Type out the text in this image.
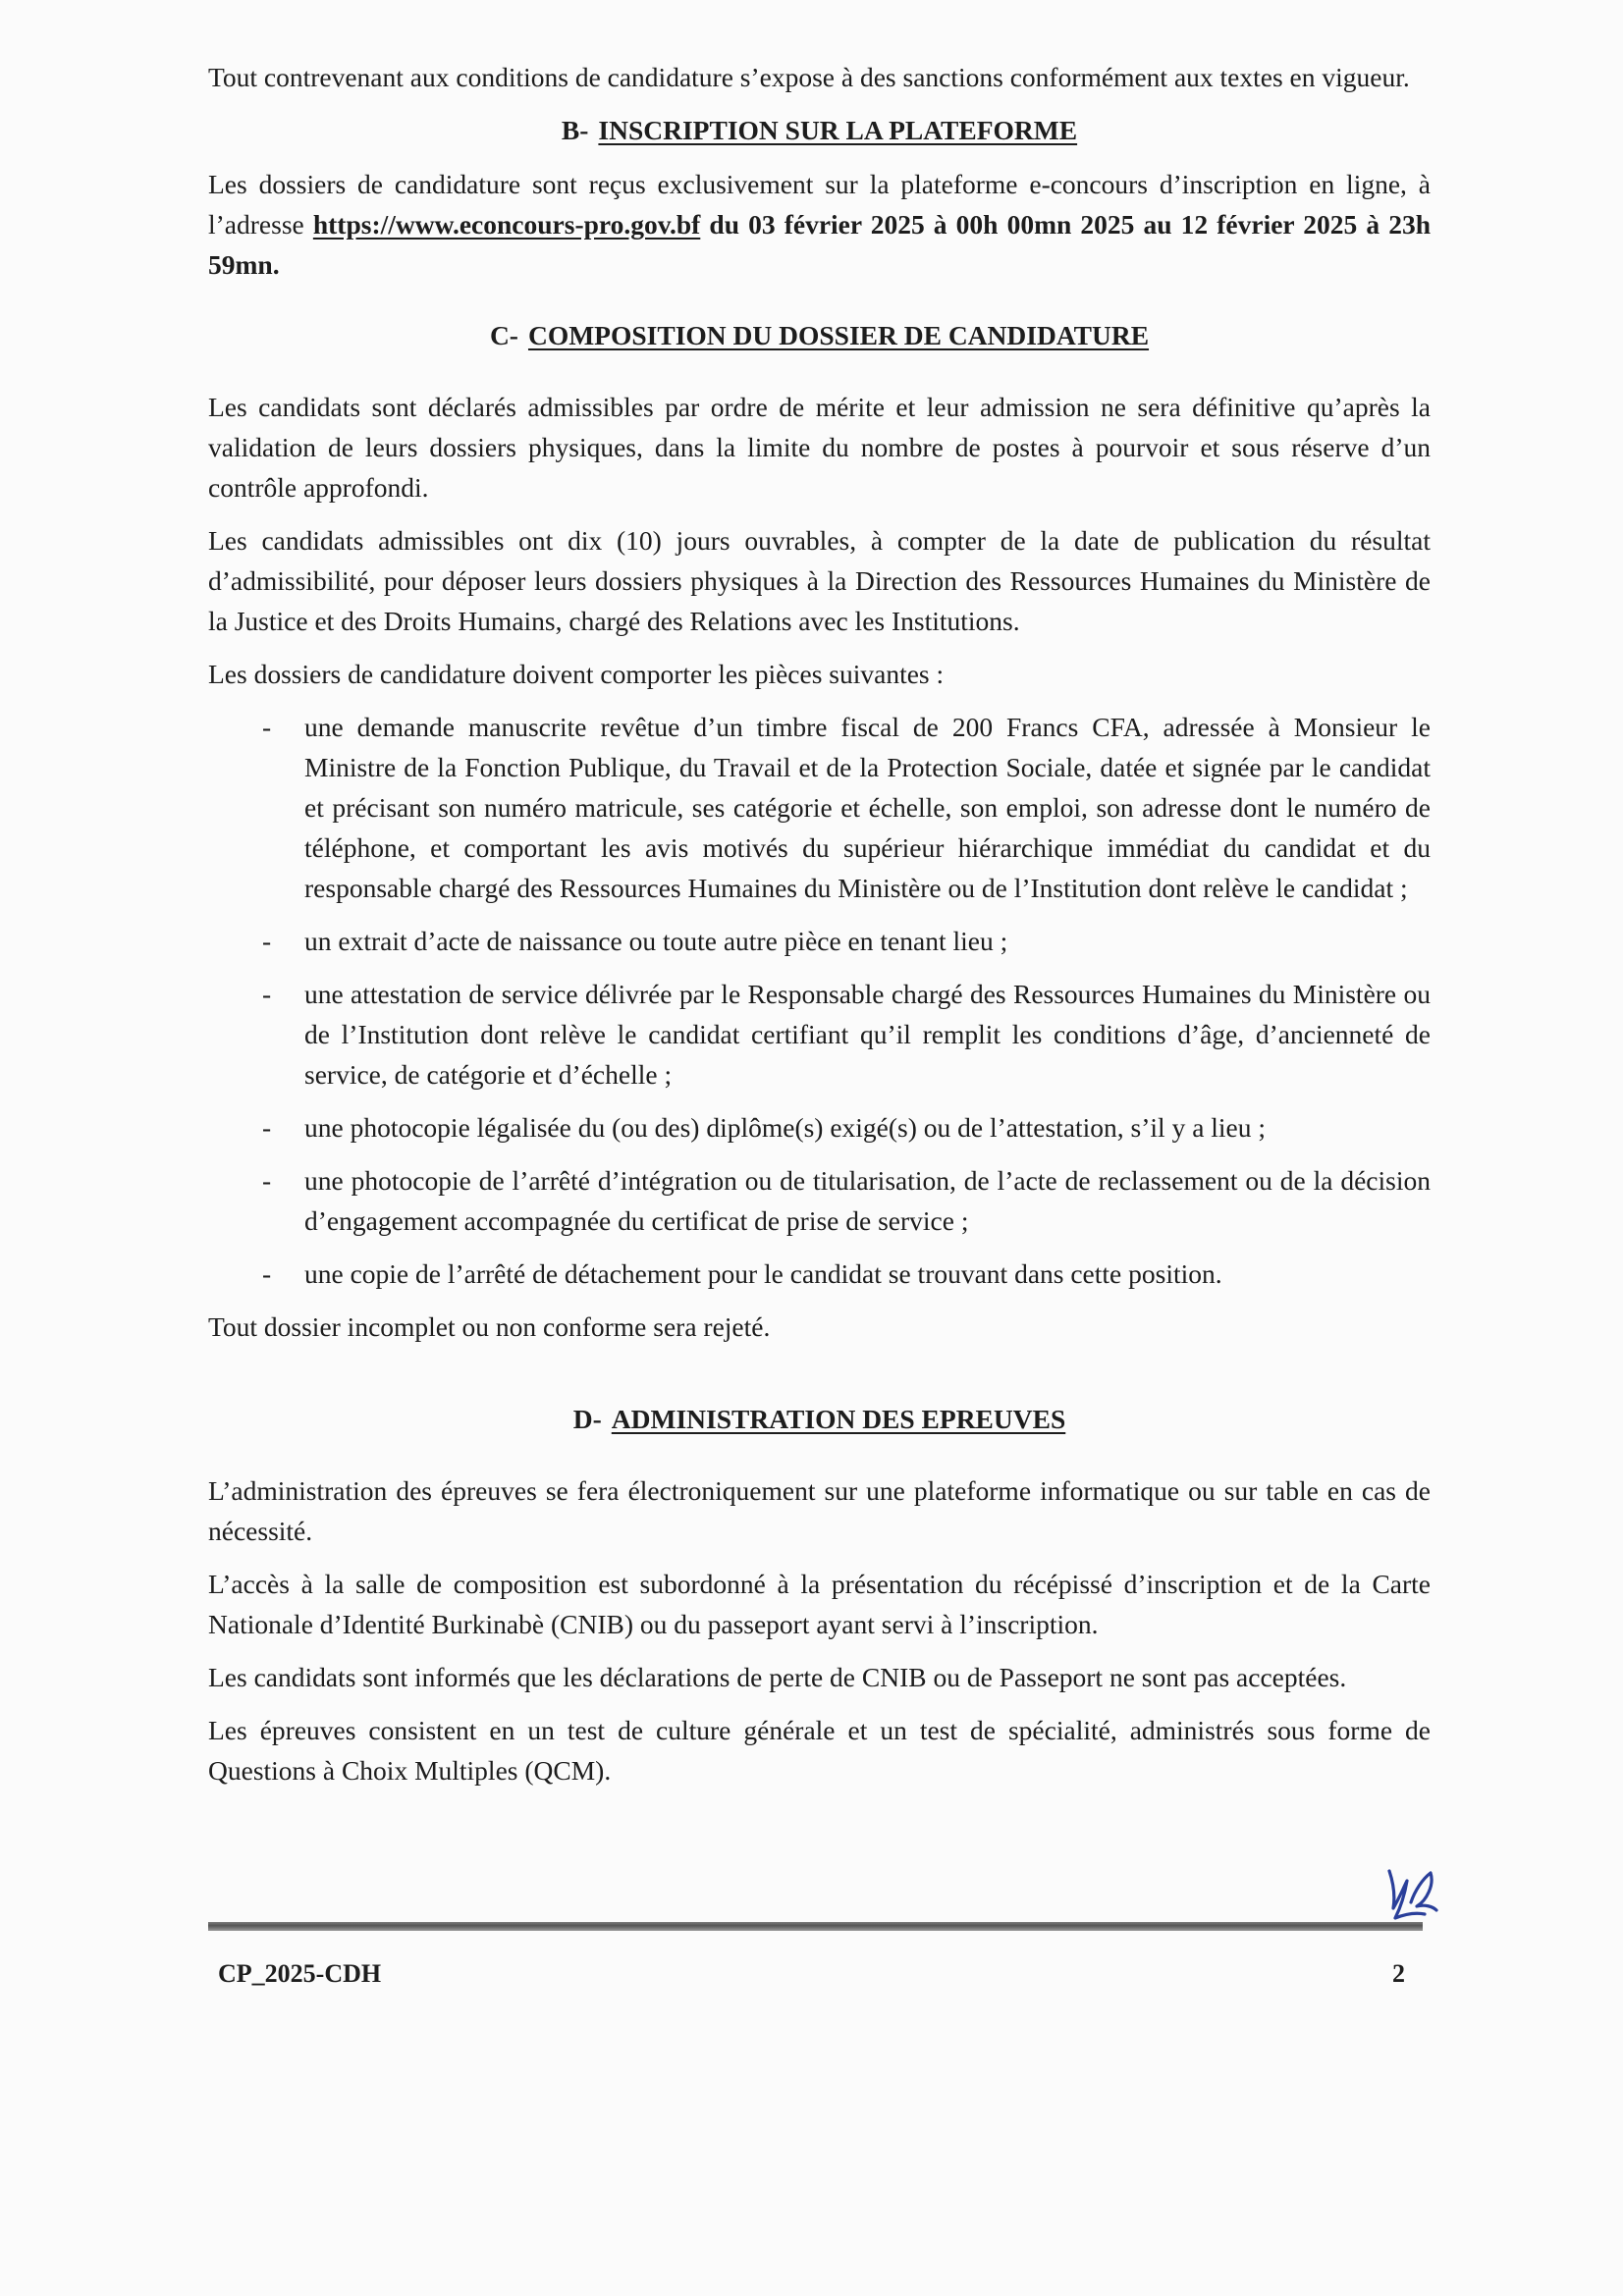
Tout contrevenant aux conditions de candidature s’expose à des sanctions conformément aux textes en vigueur.

B- INSCRIPTION SUR LA PLATEFORME

Les dossiers de candidature sont reçus exclusivement sur la plateforme e-concours d’inscription en ligne, à l’adresse https://www.econcours-pro.gov.bf du 03 février 2025 à 00h 00mn 2025 au 12 février 2025 à 23h 59mn.

C- COMPOSITION DU DOSSIER DE CANDIDATURE

Les candidats sont déclarés admissibles par ordre de mérite et leur admission ne sera définitive qu’après la validation de leurs dossiers physiques, dans la limite du nombre de postes à pourvoir et sous réserve d’un contrôle approfondi.

Les candidats admissibles ont dix (10) jours ouvrables, à compter de la date de publication du résultat d’admissibilité, pour déposer leurs dossiers physiques à la Direction des Ressources Humaines du Ministère de la Justice et des Droits Humains, chargé des Relations avec les Institutions.

Les dossiers de candidature doivent comporter les pièces suivantes :

- une demande manuscrite revêtue d’un timbre fiscal de 200 Francs CFA, adressée à Monsieur le Ministre de la Fonction Publique, du Travail et de la Protection Sociale, datée et signée par le candidat et précisant son numéro matricule, ses catégorie et échelle, son emploi, son adresse dont le numéro de téléphone, et comportant les avis motivés du supérieur hiérarchique immédiat du candidat et du responsable chargé des Ressources Humaines du Ministère ou de l’Institution dont relève le candidat ;
- un extrait d’acte de naissance ou toute autre pièce en tenant lieu ;
- une attestation de service délivrée par le Responsable chargé des Ressources Humaines du Ministère ou de l’Institution dont relève le candidat certifiant qu’il remplit les conditions d’âge, d’ancienneté de service, de catégorie et d’échelle ;
- une photocopie légalisée du (ou des) diplôme(s) exigé(s) ou de l’attestation, s’il y a lieu ;
- une photocopie de l’arrêté d’intégration ou de titularisation, de l’acte de reclassement ou de la décision d’engagement accompagnée du certificat de prise de service ;
- une copie de l’arrêté de détachement pour le candidat se trouvant dans cette position.

Tout dossier incomplet ou non conforme sera rejeté.

D- ADMINISTRATION DES EPREUVES

L’administration des épreuves se fera électroniquement sur une plateforme informatique ou sur table en cas de nécessité.

L’accès à la salle de composition est subordonné à la présentation du récépissé d’inscription et de la Carte Nationale d’Identité Burkinabè (CNIB) ou du passeport ayant servi à l’inscription.

Les candidats sont informés que les déclarations de perte de CNIB ou de Passeport ne sont pas acceptées.

Les épreuves consistent en un test de culture générale et un test de spécialité, administrés sous forme de Questions à Choix Multiples (QCM).

CP_2025-CDH	2
